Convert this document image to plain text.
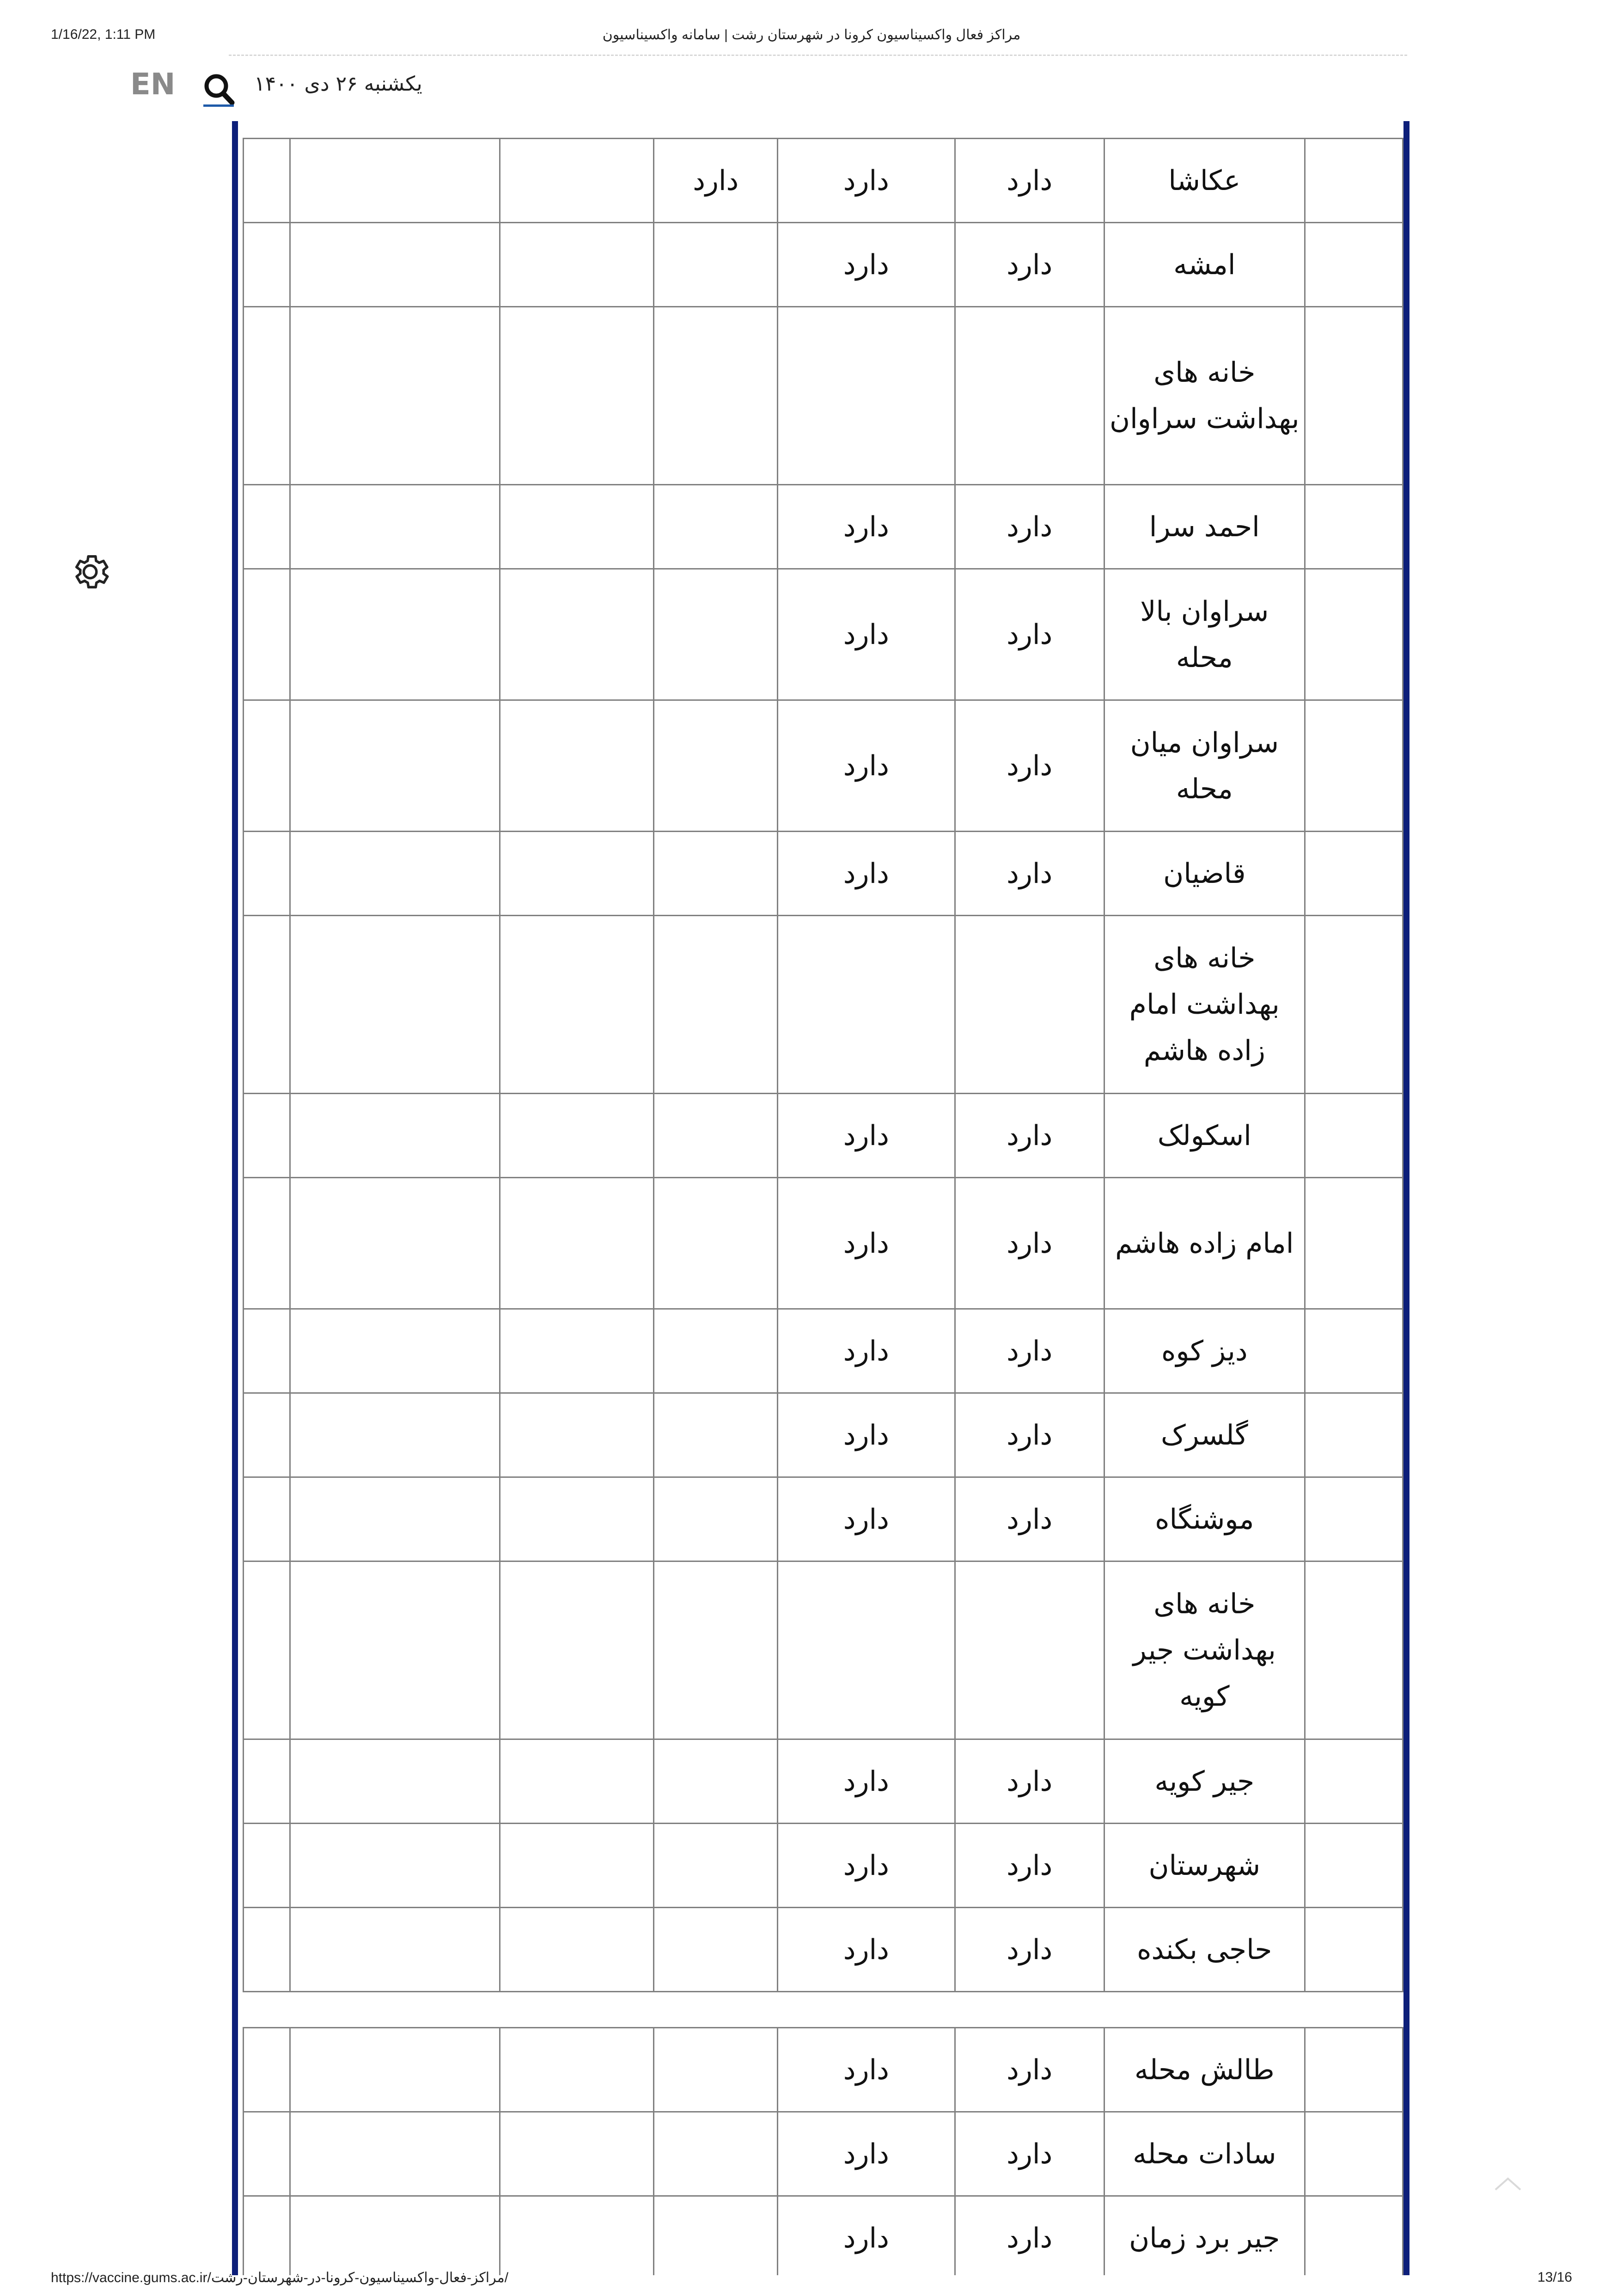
1/16/22, 1:11 PM	مراکز فعال واکسیناسیون کرونا در شهرستان رشت | سامانه واکسیناسیون
EN	یکشنبه ۲۶ دی ۱۴۰۰
			دارد	دارد	دارد	عکاشا	
				دارد	دارد	امشه	
						خانه های بهداشت سراوان	
				دارد	دارد	احمد سرا	
				دارد	دارد	سراوان بالا محله	
				دارد	دارد	سراوان میان محله	
				دارد	دارد	قاضیان	
						خانه های بهداشت امام زاده هاشم	
				دارد	دارد	اسکولک	
				دارد	دارد	امام زاده هاشم	
				دارد	دارد	دیز کوه	
				دارد	دارد	گلسرک	
				دارد	دارد	موشنگاه	
						خانه های بهداشت جیر کویه	
				دارد	دارد	جیر کویه	
				دارد	دارد	شهرستان	
				دارد	دارد	حاجی بکنده	

				دارد	دارد	طالش محله	
				دارد	دارد	سادات محله	
				دارد	دارد	جیر برد زمان	
https://vaccine.gums.ac.ir/مراکز-فعال-واکسیناسیون-کرونا-در-شهرستان-رشت/	13/16
